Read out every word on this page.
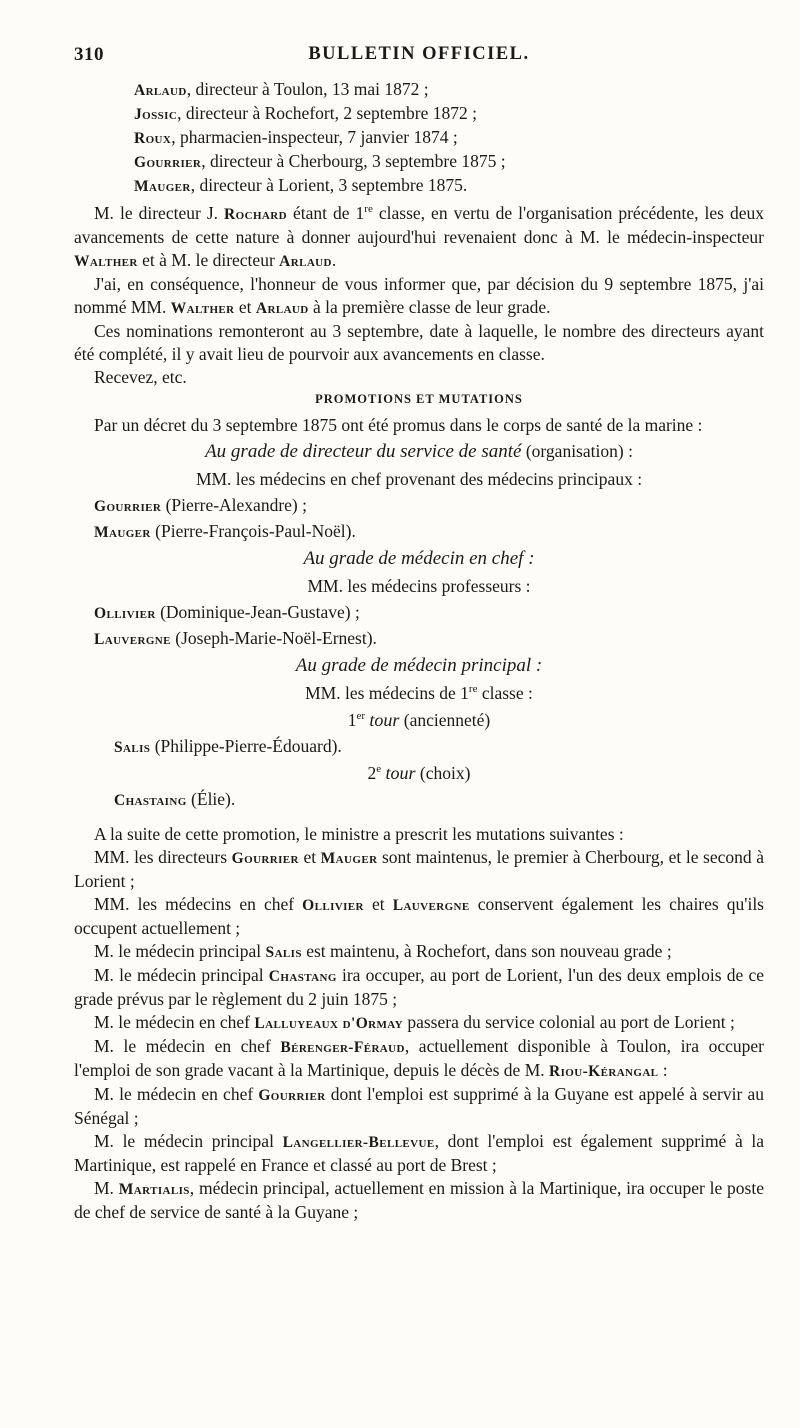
310	BULLETIN OFFICIEL.
Arlaud, directeur à Toulon, 13 mai 1872 ;
Jossic, directeur à Rochefort, 2 septembre 1872 ;
Roux, pharmacien-inspecteur, 7 janvier 1874 ;
Gourrier, directeur à Cherbourg, 3 septembre 1875 ;
Mauger, directeur à Lorient, 3 septembre 1875.

M. le directeur J. Rochard étant de 1re classe, en vertu de l'organisation précédente, les deux avancements de cette nature à donner aujourd'hui revenaient donc à M. le médecin-inspecteur Walther et à M. le directeur Arlaud.

J'ai, en conséquence, l'honneur de vous informer que, par décision du 9 septembre 1875, j'ai nommé MM. Walther et Arlaud à la première classe de leur grade.

Ces nominations remonteront au 3 septembre, date à laquelle, le nombre des directeurs ayant été complété, il y avait lieu de pourvoir aux avancements en classe.

Recevez, etc.

PROMOTIONS ET MUTATIONS

Par un décret du 3 septembre 1875 ont été promus dans le corps de santé de la marine :

Au grade de directeur du service de santé (organisation) :
MM. les médecins en chef provenant des médecins principaux :
Gourrier (Pierre-Alexandre) ;
Mauger (Pierre-François-Paul-Noël).
Au grade de médecin en chef :
MM. les médecins professeurs :
Ollivier (Dominique-Jean-Gustave) ;
Lauvergne (Joseph-Marie-Noël-Ernest).
Au grade de médecin principal :
MM. les médecins de 1re classe :
1er tour (ancienneté)
Salis (Philippe-Pierre-Édouard).
2e tour (choix)
Chastaing (Élie).

A la suite de cette promotion, le ministre a prescrit les mutations suivantes :

MM. les directeurs Gourrier et Mauger sont maintenus, le premier à Cherbourg, et le second à Lorient ;

MM. les médecins en chef Ollivier et Lauvergne conservent également les chaires qu'ils occupent actuellement ;

M. le médecin principal Salis est maintenu, à Rochefort, dans son nouveau grade ;

M. le médecin principal Chastang ira occuper, au port de Lorient, l'un des deux emplois de ce grade prévus par le règlement du 2 juin 1875 ;

M. le médecin en chef Lalluyeaux d'Ormay passera du service colonial au port de Lorient ;

M. le médecin en chef Bérenger-Féraud, actuellement disponible à Toulon, ira occuper l'emploi de son grade vacant à la Martinique, depuis le décès de M. Riou-Kérangal :

M. le médecin en chef Gourrier dont l'emploi est supprimé à la Guyane est appelé à servir au Sénégal ;

M. le médecin principal Langellier-Bellevue, dont l'emploi est également supprimé à la Martinique, est rappelé en France et classé au port de Brest ;

M. Martialis, médecin principal, actuellement en mission à la Martinique, ira occuper le poste de chef de service de santé à la Guyane ;
